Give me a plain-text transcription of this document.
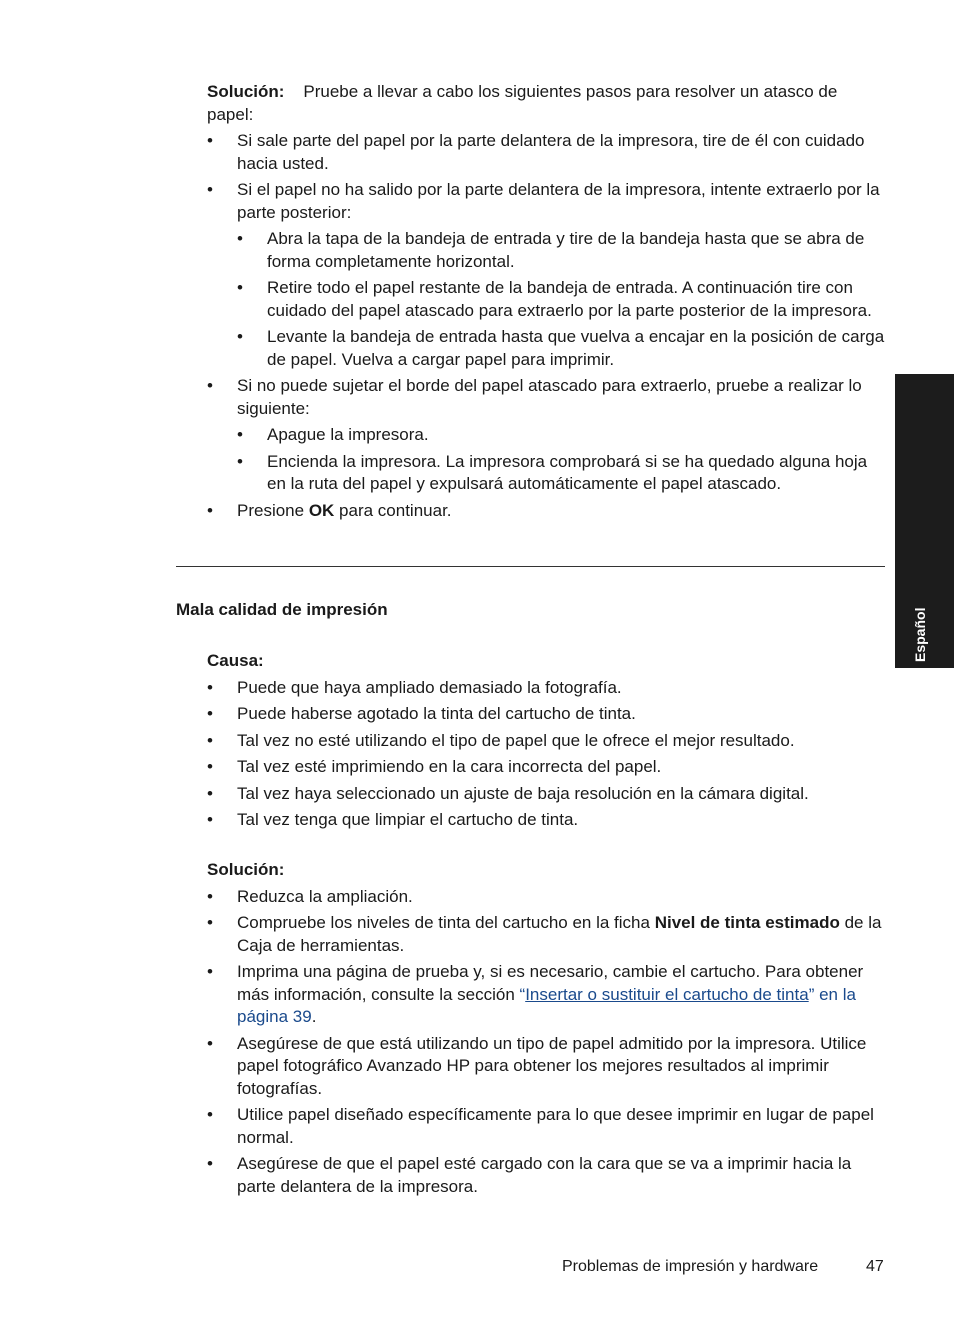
Solución: Pruebe a llevar a cabo los siguientes pasos para resolver un atasco de papel:

• Si sale parte del papel por la parte delantera de la impresora, tire de él con cuidado hacia usted.
• Si el papel no ha salido por la parte delantera de la impresora, intente extraerlo por la parte posterior:
• Abra la tapa de la bandeja de entrada y tire de la bandeja hasta que se abra de forma completamente horizontal.
• Retire todo el papel restante de la bandeja de entrada. A continuación tire con cuidado del papel atascado para extraerlo por la parte posterior de la impresora.
• Levante la bandeja de entrada hasta que vuelva a encajar en la posición de carga de papel. Vuelva a cargar papel para imprimir.
• Si no puede sujetar el borde del papel atascado para extraerlo, pruebe a realizar lo siguiente:
• Apague la impresora.
• Encienda la impresora. La impresora comprobará si se ha quedado alguna hoja en la ruta del papel y expulsará automáticamente el papel atascado.
• Presione OK para continuar.
Mala calidad de impresión

Causa:

• Puede que haya ampliado demasiado la fotografía.
• Puede haberse agotado la tinta del cartucho de tinta.
• Tal vez no esté utilizando el tipo de papel que le ofrece el mejor resultado.
• Tal vez esté imprimiendo en la cara incorrecta del papel.
• Tal vez haya seleccionado un ajuste de baja resolución en la cámara digital.
• Tal vez tenga que limpiar el cartucho de tinta.

Solución:

• Reduzca la ampliación.
• Compruebe los niveles de tinta del cartucho en la ficha Nivel de tinta estimado de la Caja de herramientas.
• Imprima una página de prueba y, si es necesario, cambie el cartucho. Para obtener más información, consulte la sección “Insertar o sustituir el cartucho de tinta” en la página 39.
• Asegúrese de que está utilizando un tipo de papel admitido por la impresora. Utilice papel fotográfico Avanzado HP para obtener los mejores resultados al imprimir fotografías.
• Utilice papel diseñado específicamente para lo que desee imprimir en lugar de papel normal.
• Asegúrese de que el papel esté cargado con la cara que se va a imprimir hacia la parte delantera de la impresora.
Español
Problemas de impresión y hardware	47
